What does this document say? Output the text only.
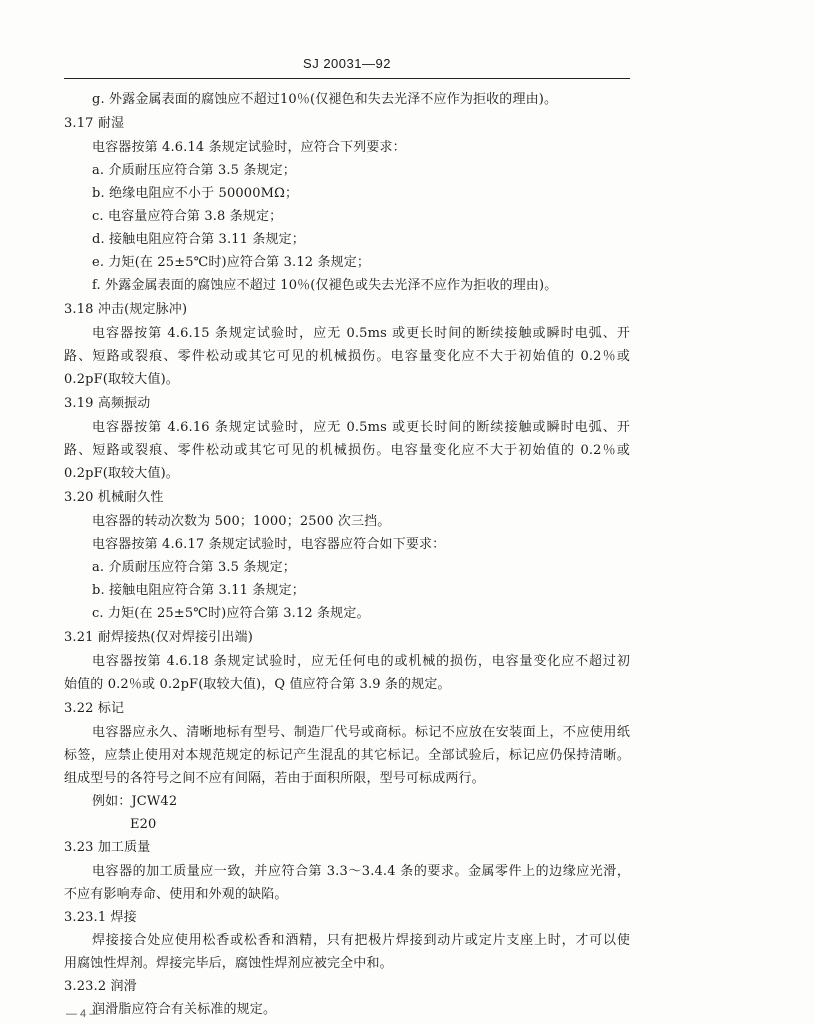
SJ 20031—92
g. 外露金属表面的腐蚀应不超过10％(仅褪色和失去光泽不应作为拒收的理由)。
3.17 耐湿
电容器按第 4.6.14 条规定试验时，应符合下列要求：
a. 介质耐压应符合第 3.5 条规定；
b. 绝缘电阻应不小于 50000MΩ；
c. 电容量应符合第 3.8 条规定；
d. 接触电阻应符合第 3.11 条规定；
e. 力矩(在 25±5℃时)应符合第 3.12 条规定；
f. 外露金属表面的腐蚀应不超过 10％(仅褪色或失去光泽不应作为拒收的理由)。
3.18 冲击(规定脉冲)
电容器按第 4.6.15 条规定试验时，应无 0.5ms 或更长时间的断续接触或瞬时电弧、开
路、短路或裂痕、零件松动或其它可见的机械损伤。电容量变化应不大于初始值的 0.2％或
0.2pF(取较大值)。
3.19 高频振动
电容器按第 4.6.16 条规定试验时，应无 0.5ms 或更长时间的断续接触或瞬时电弧、开
路、短路或裂痕、零件松动或其它可见的机械损伤。电容量变化应不大于初始值的 0.2％或
0.2pF(取较大值)。
3.20 机械耐久性
电容器的转动次数为 500；1000；2500 次三挡。
电容器按第 4.6.17 条规定试验时，电容器应符合如下要求：
a. 介质耐压应符合第 3.5 条规定；
b. 接触电阻应符合第 3.11 条规定；
c. 力矩(在 25±5℃时)应符合第 3.12 条规定。
3.21 耐焊接热(仅对焊接引出端)
电容器按第 4.6.18 条规定试验时，应无任何电的或机械的损伤，电容量变化应不超过初
始值的 0.2％或 0.2pF(取较大值)，Q 值应符合第 3.9 条的规定。
3.22 标记
电容器应永久、清晰地标有型号、制造厂代号或商标。标记不应放在安装面上，不应使用纸
标签，应禁止使用对本规范规定的标记产生混乱的其它标记。全部试验后，标记应仍保持清晰。
组成型号的各符号之间不应有间隔，若由于面积所限，型号可标成两行。
例如：JCW42
E20
3.23 加工质量
电容器的加工质量应一致，并应符合第 3.3～3.4.4 条的要求。金属零件上的边缘应光滑，
不应有影响寿命、使用和外观的缺陷。
3.23.1 焊接
焊接接合处应使用松香或松香和酒精，只有把极片焊接到动片或定片支座上时，才可以使
用腐蚀性焊剂。焊接完毕后，腐蚀性焊剂应被完全中和。
3.23.2 润滑
润滑脂应符合有关标准的规定。
— 4 —
